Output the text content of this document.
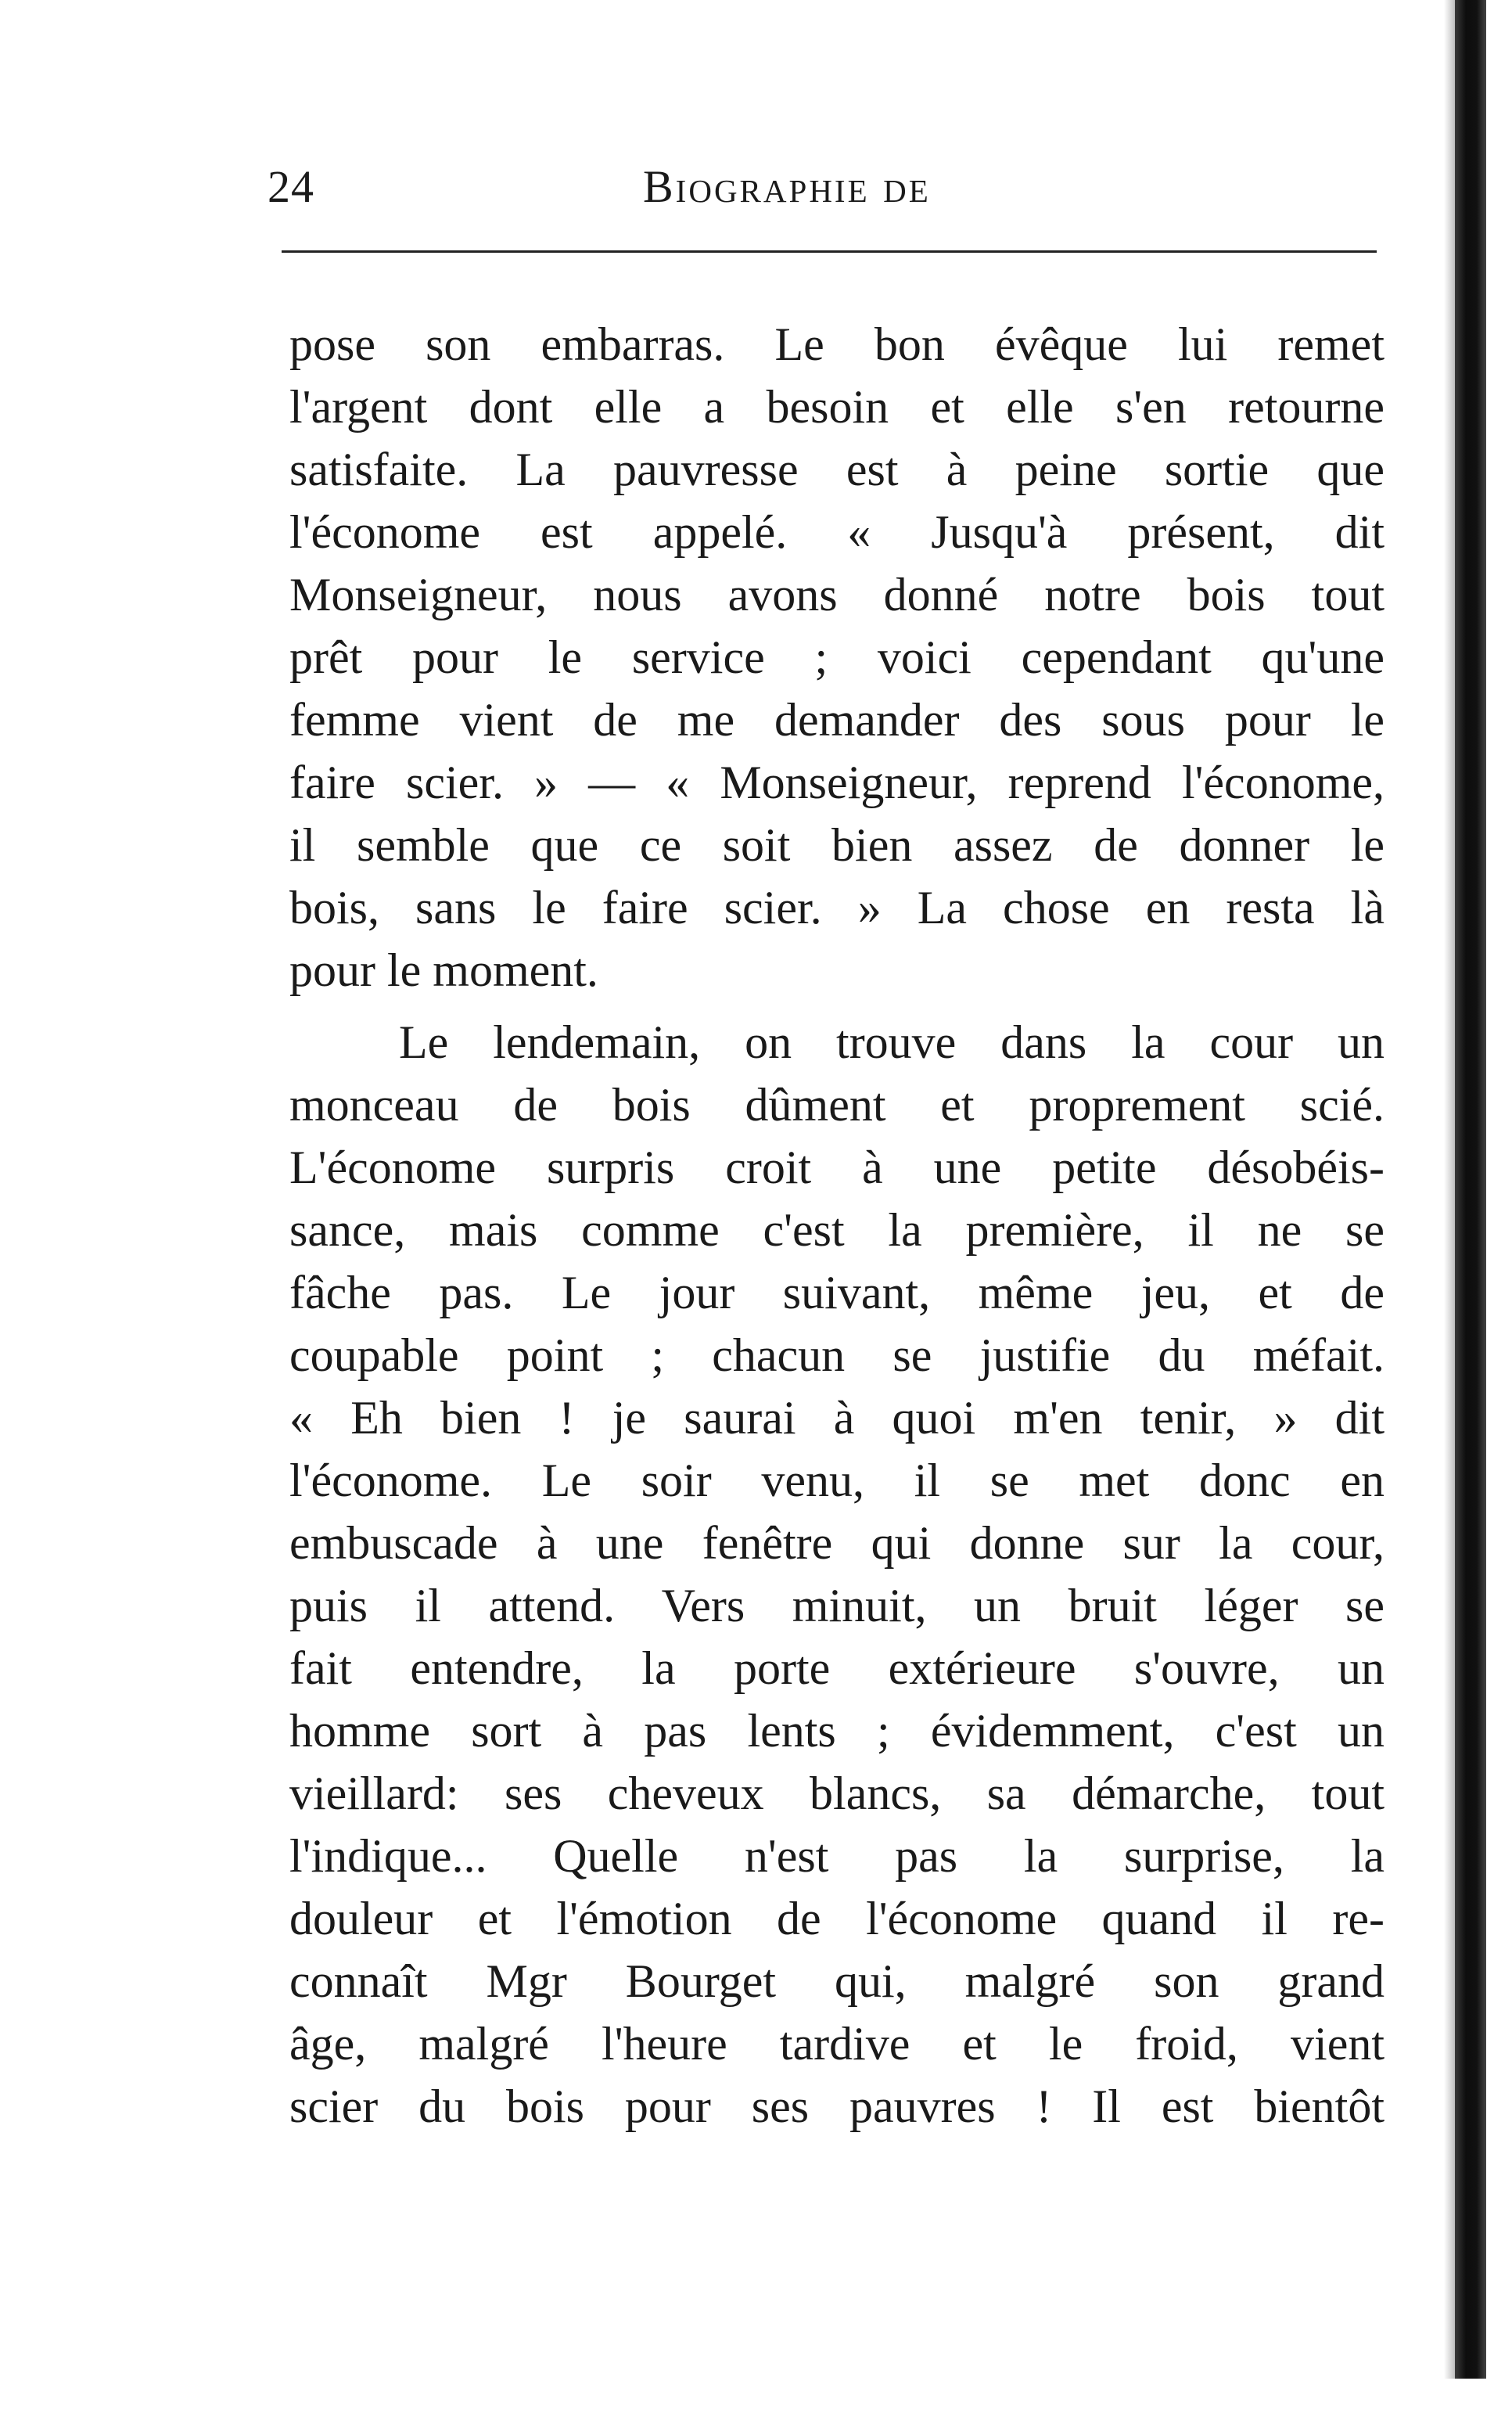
24	Biographie de
pose son embarras. Le bon évêque lui remet
l'argent dont elle a besoin et elle s'en retourne
satisfaite. La pauvresse est à peine sortie que
l'économe est appelé. « Jusqu'à présent, dit
Monseigneur, nous avons donné notre bois tout
prêt pour le service ; voici cependant qu'une
femme vient de me demander des sous pour le
faire scier. » — « Monseigneur, reprend l'économe,
il semble que ce soit bien assez de donner le
bois, sans le faire scier. » La chose en resta là
pour le moment.
Le lendemain, on trouve dans la cour un
monceau de bois dûment et proprement scié.
L'économe surpris croit à une petite désobéis-
sance, mais comme c'est la première, il ne se
fâche pas. Le jour suivant, même jeu, et de
coupable point ; chacun se justifie du méfait.
« Eh bien ! je saurai à quoi m'en tenir, » dit
l'économe. Le soir venu, il se met donc en
embuscade à une fenêtre qui donne sur la cour,
puis il attend. Vers minuit, un bruit léger se
fait entendre, la porte extérieure s'ouvre, un
homme sort à pas lents ; évidemment, c'est un
vieillard: ses cheveux blancs, sa démarche, tout
l'indique... Quelle n'est pas la surprise, la
douleur et l'émotion de l'économe quand il re-
connaît Mgr Bourget qui, malgré son grand
âge, malgré l'heure tardive et le froid, vient
scier du bois pour ses pauvres ! Il est bientôt
